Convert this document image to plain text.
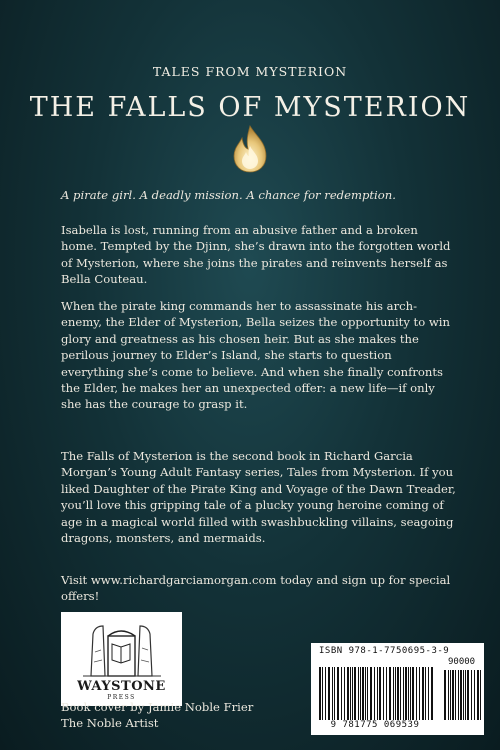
TALES FROM MYSTERION
THE FALLS OF MYSTERION
A pirate girl. A deadly mission. A chance for redemption.
Isabella is lost, running from an abusive father and a broken home. Tempted by the Djinn, she’s drawn into the forgotten world of Mysterion, where she joins the pirates and reinvents herself as Bella Couteau.
When the pirate king commands her to assassinate his arch-enemy, the Elder of Mysterion, Bella seizes the opportunity to win glory and greatness as his chosen heir. But as she makes the perilous journey to Elder’s Island, she starts to question everything she’s come to believe. And when she finally confronts the Elder, he makes her an unexpected offer: a new life—if only she has the courage to grasp it.
The Falls of Mysterion is the second book in Richard Garcia Morgan’s Young Adult Fantasy series, Tales from Mysterion. If you liked Daughter of the Pirate King and Voyage of the Dawn Treader, you’ll love this gripping tale of a plucky young heroine coming of age in a magical world filled with swashbuckling villains, seagoing dragons, monsters, and mermaids.
Visit www.richardgarciamorgan.com today and sign up for special offers!
WAYSTONE
PRESS
Book cover by Jamie Noble Frier
The Noble Artist
ISBN 978-1-7750695-3-9
90000
9 781775 069539
